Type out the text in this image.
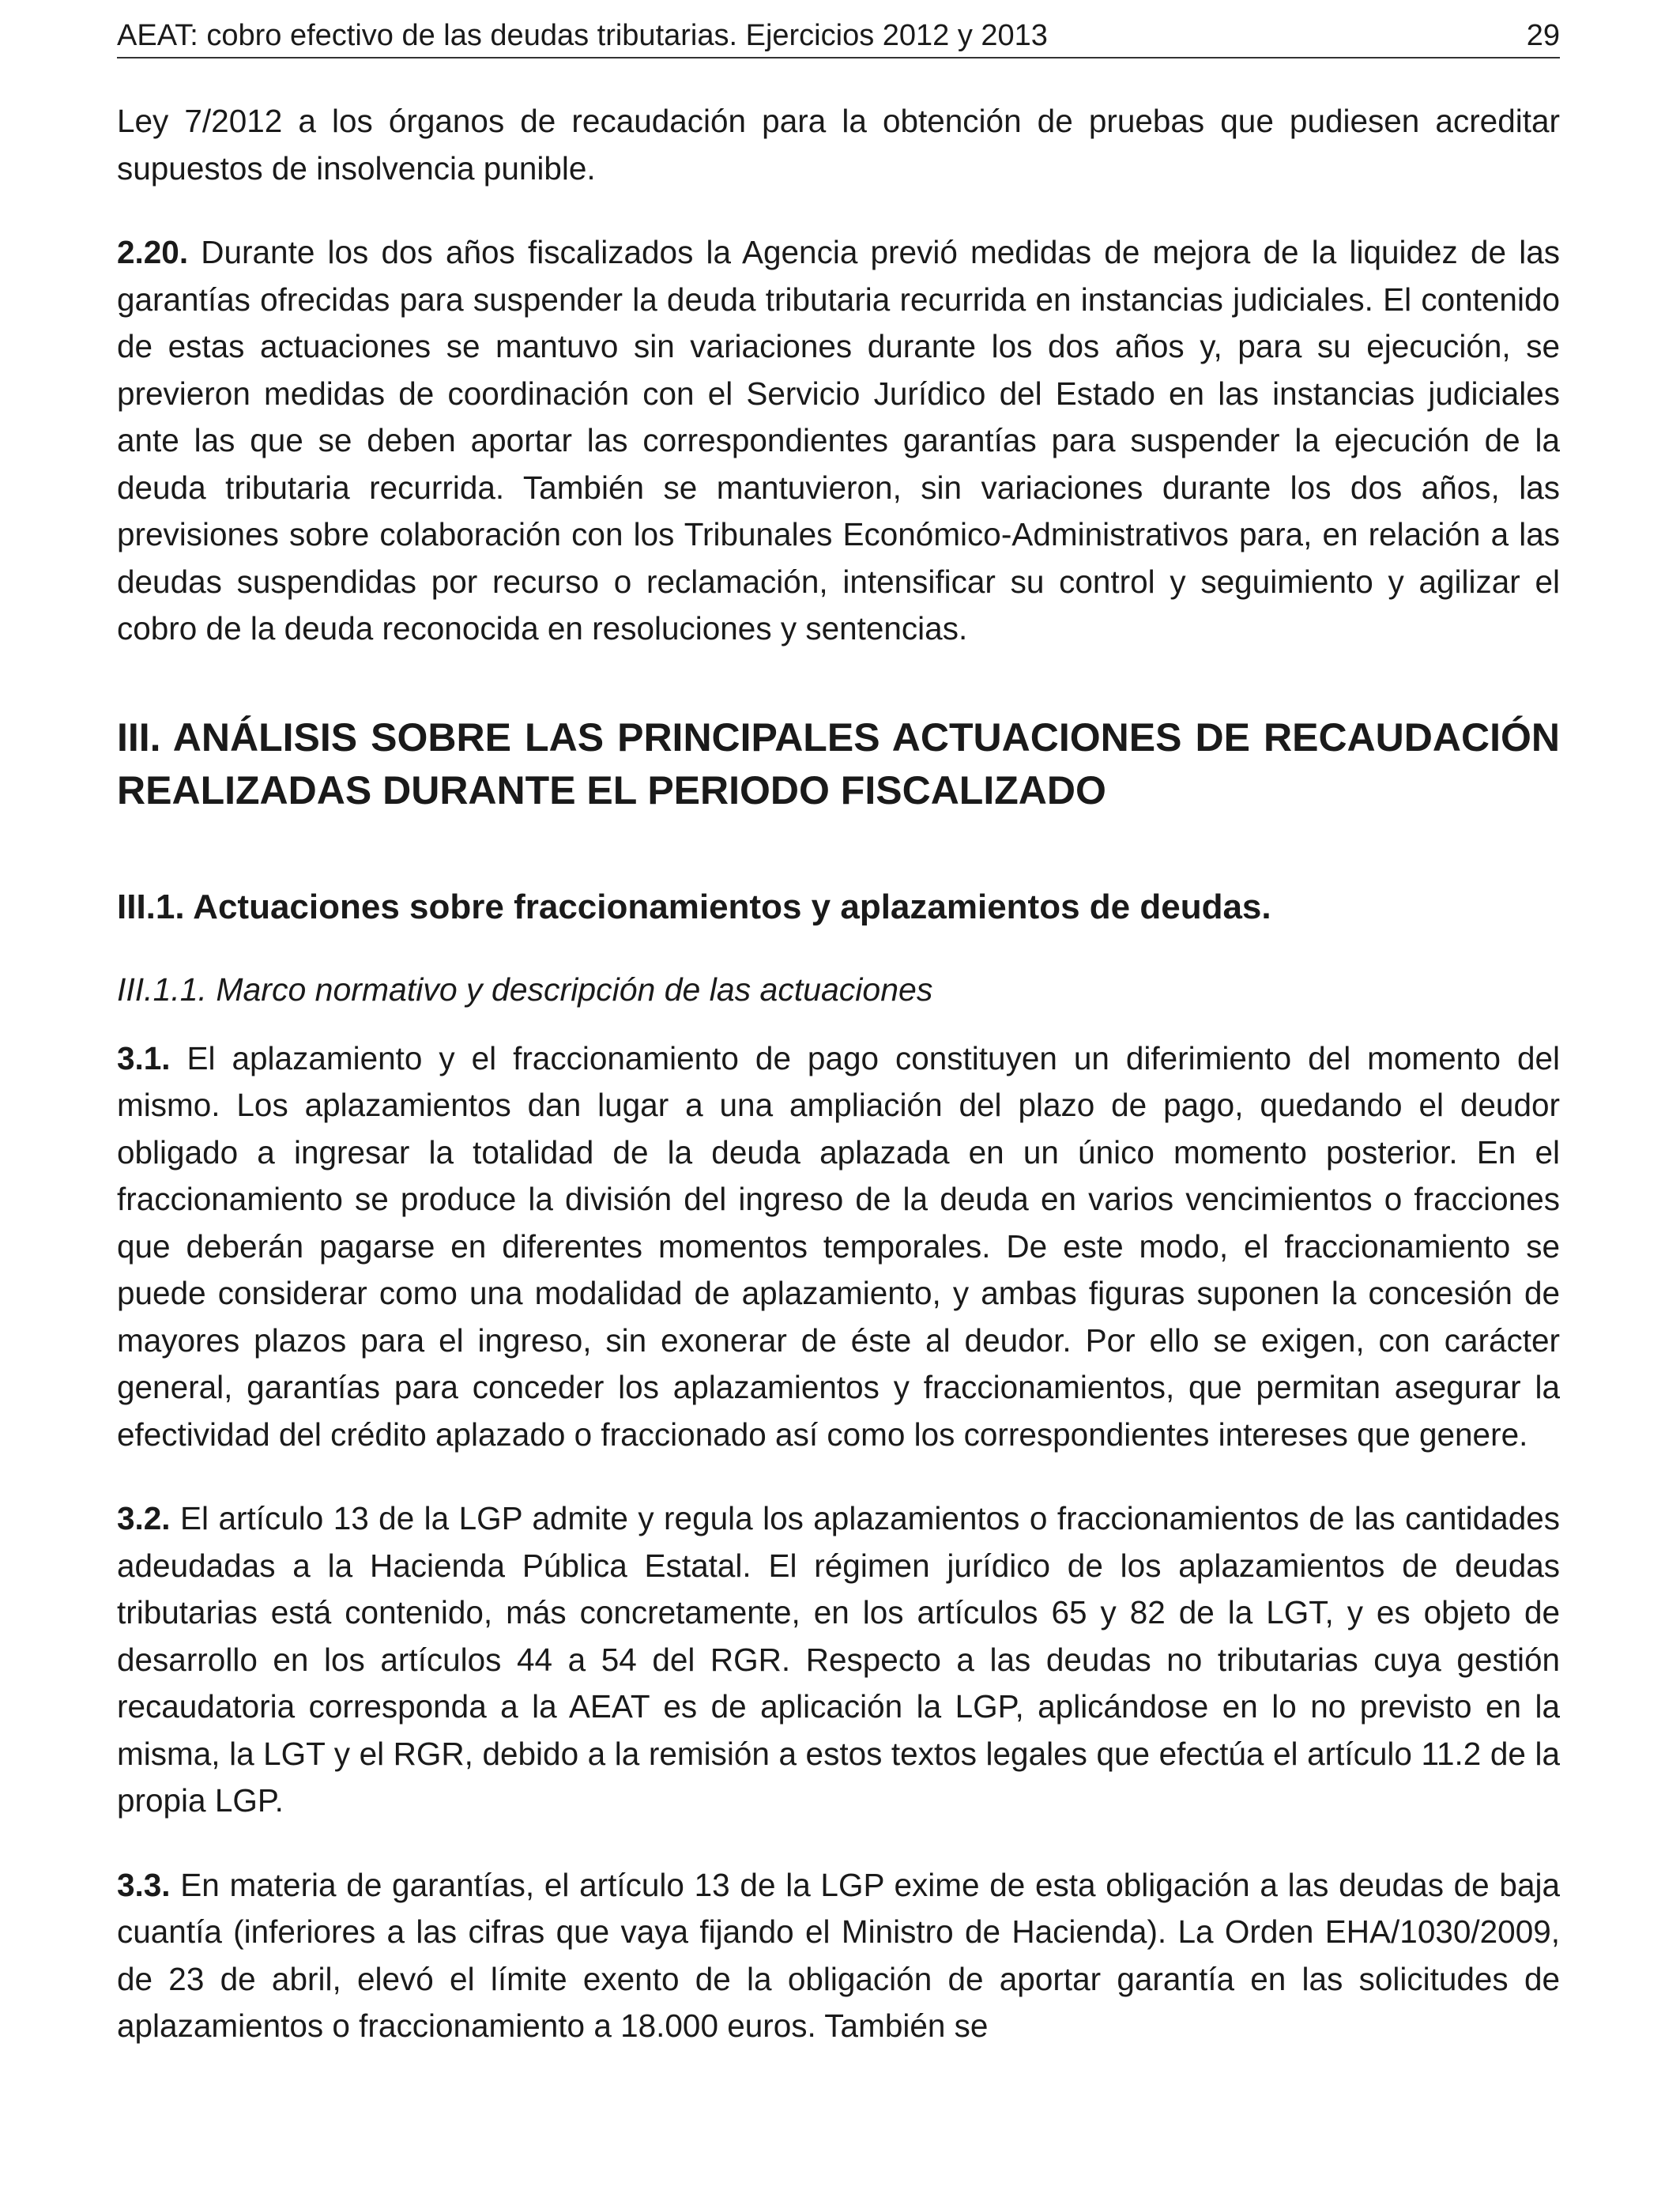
AEAT: cobro efectivo de las deudas tributarias. Ejercicios 2012 y 2013	29

Ley 7/2012 a los órganos de recaudación para la obtención de pruebas que pudiesen acreditar supuestos de insolvencia punible.

2.20. Durante los dos años fiscalizados la Agencia previó medidas de mejora de la liquidez de las garantías ofrecidas para suspender la deuda tributaria recurrida en instancias judiciales. El contenido de estas actuaciones se mantuvo sin variaciones durante los dos años y, para su ejecución, se previeron medidas de coordinación con el Servicio Jurídico del Estado en las instancias judiciales ante las que se deben aportar las correspondientes garantías para suspender la ejecución de la deuda tributaria recurrida. También se mantuvieron, sin variaciones durante los dos años, las previsiones sobre colaboración con los Tribunales Económico-Administrativos para, en relación a las deudas suspendidas por recurso o reclamación, intensificar su control y seguimiento y agilizar el cobro de la deuda reconocida en resoluciones y sentencias.

III. ANÁLISIS SOBRE LAS PRINCIPALES ACTUACIONES DE RECAUDACIÓN REALIZADAS DURANTE EL PERIODO FISCALIZADO
III.1. Actuaciones sobre fraccionamientos y aplazamientos de deudas.
III.1.1. Marco normativo y descripción de las actuaciones

3.1. El aplazamiento y el fraccionamiento de pago constituyen un diferimiento del momento del mismo. Los aplazamientos dan lugar a una ampliación del plazo de pago, quedando el deudor obligado a ingresar la totalidad de la deuda aplazada en un único momento posterior. En el fraccionamiento se produce la división del ingreso de la deuda en varios vencimientos o fracciones que deberán pagarse en diferentes momentos temporales. De este modo, el fraccionamiento se puede considerar como una modalidad de aplazamiento, y ambas figuras suponen la concesión de mayores plazos para el ingreso, sin exonerar de éste al deudor. Por ello se exigen, con carácter general, garantías para conceder los aplazamientos y fraccionamientos, que permitan asegurar la efectividad del crédito aplazado o fraccionado así como los correspondientes intereses que genere.

3.2. El artículo 13 de la LGP admite y regula los aplazamientos o fraccionamientos de las cantidades adeudadas a la Hacienda Pública Estatal. El régimen jurídico de los aplazamientos de deudas tributarias está contenido, más concretamente, en los artículos 65 y 82 de la LGT, y es objeto de desarrollo en los artículos 44 a 54 del RGR. Respecto a las deudas no tributarias cuya gestión recaudatoria corresponda a la AEAT es de aplicación la LGP, aplicándose en lo no previsto en la misma, la LGT y el RGR, debido a la remisión a estos textos legales que efectúa el artículo 11.2 de la propia LGP.

3.3. En materia de garantías, el artículo 13 de la LGP exime de esta obligación a las deudas de baja cuantía (inferiores a las cifras que vaya fijando el Ministro de Hacienda). La Orden EHA/1030/2009, de 23 de abril, elevó el límite exento de la obligación de aportar garantía en las solicitudes de aplazamientos o fraccionamiento a 18.000 euros. También se
